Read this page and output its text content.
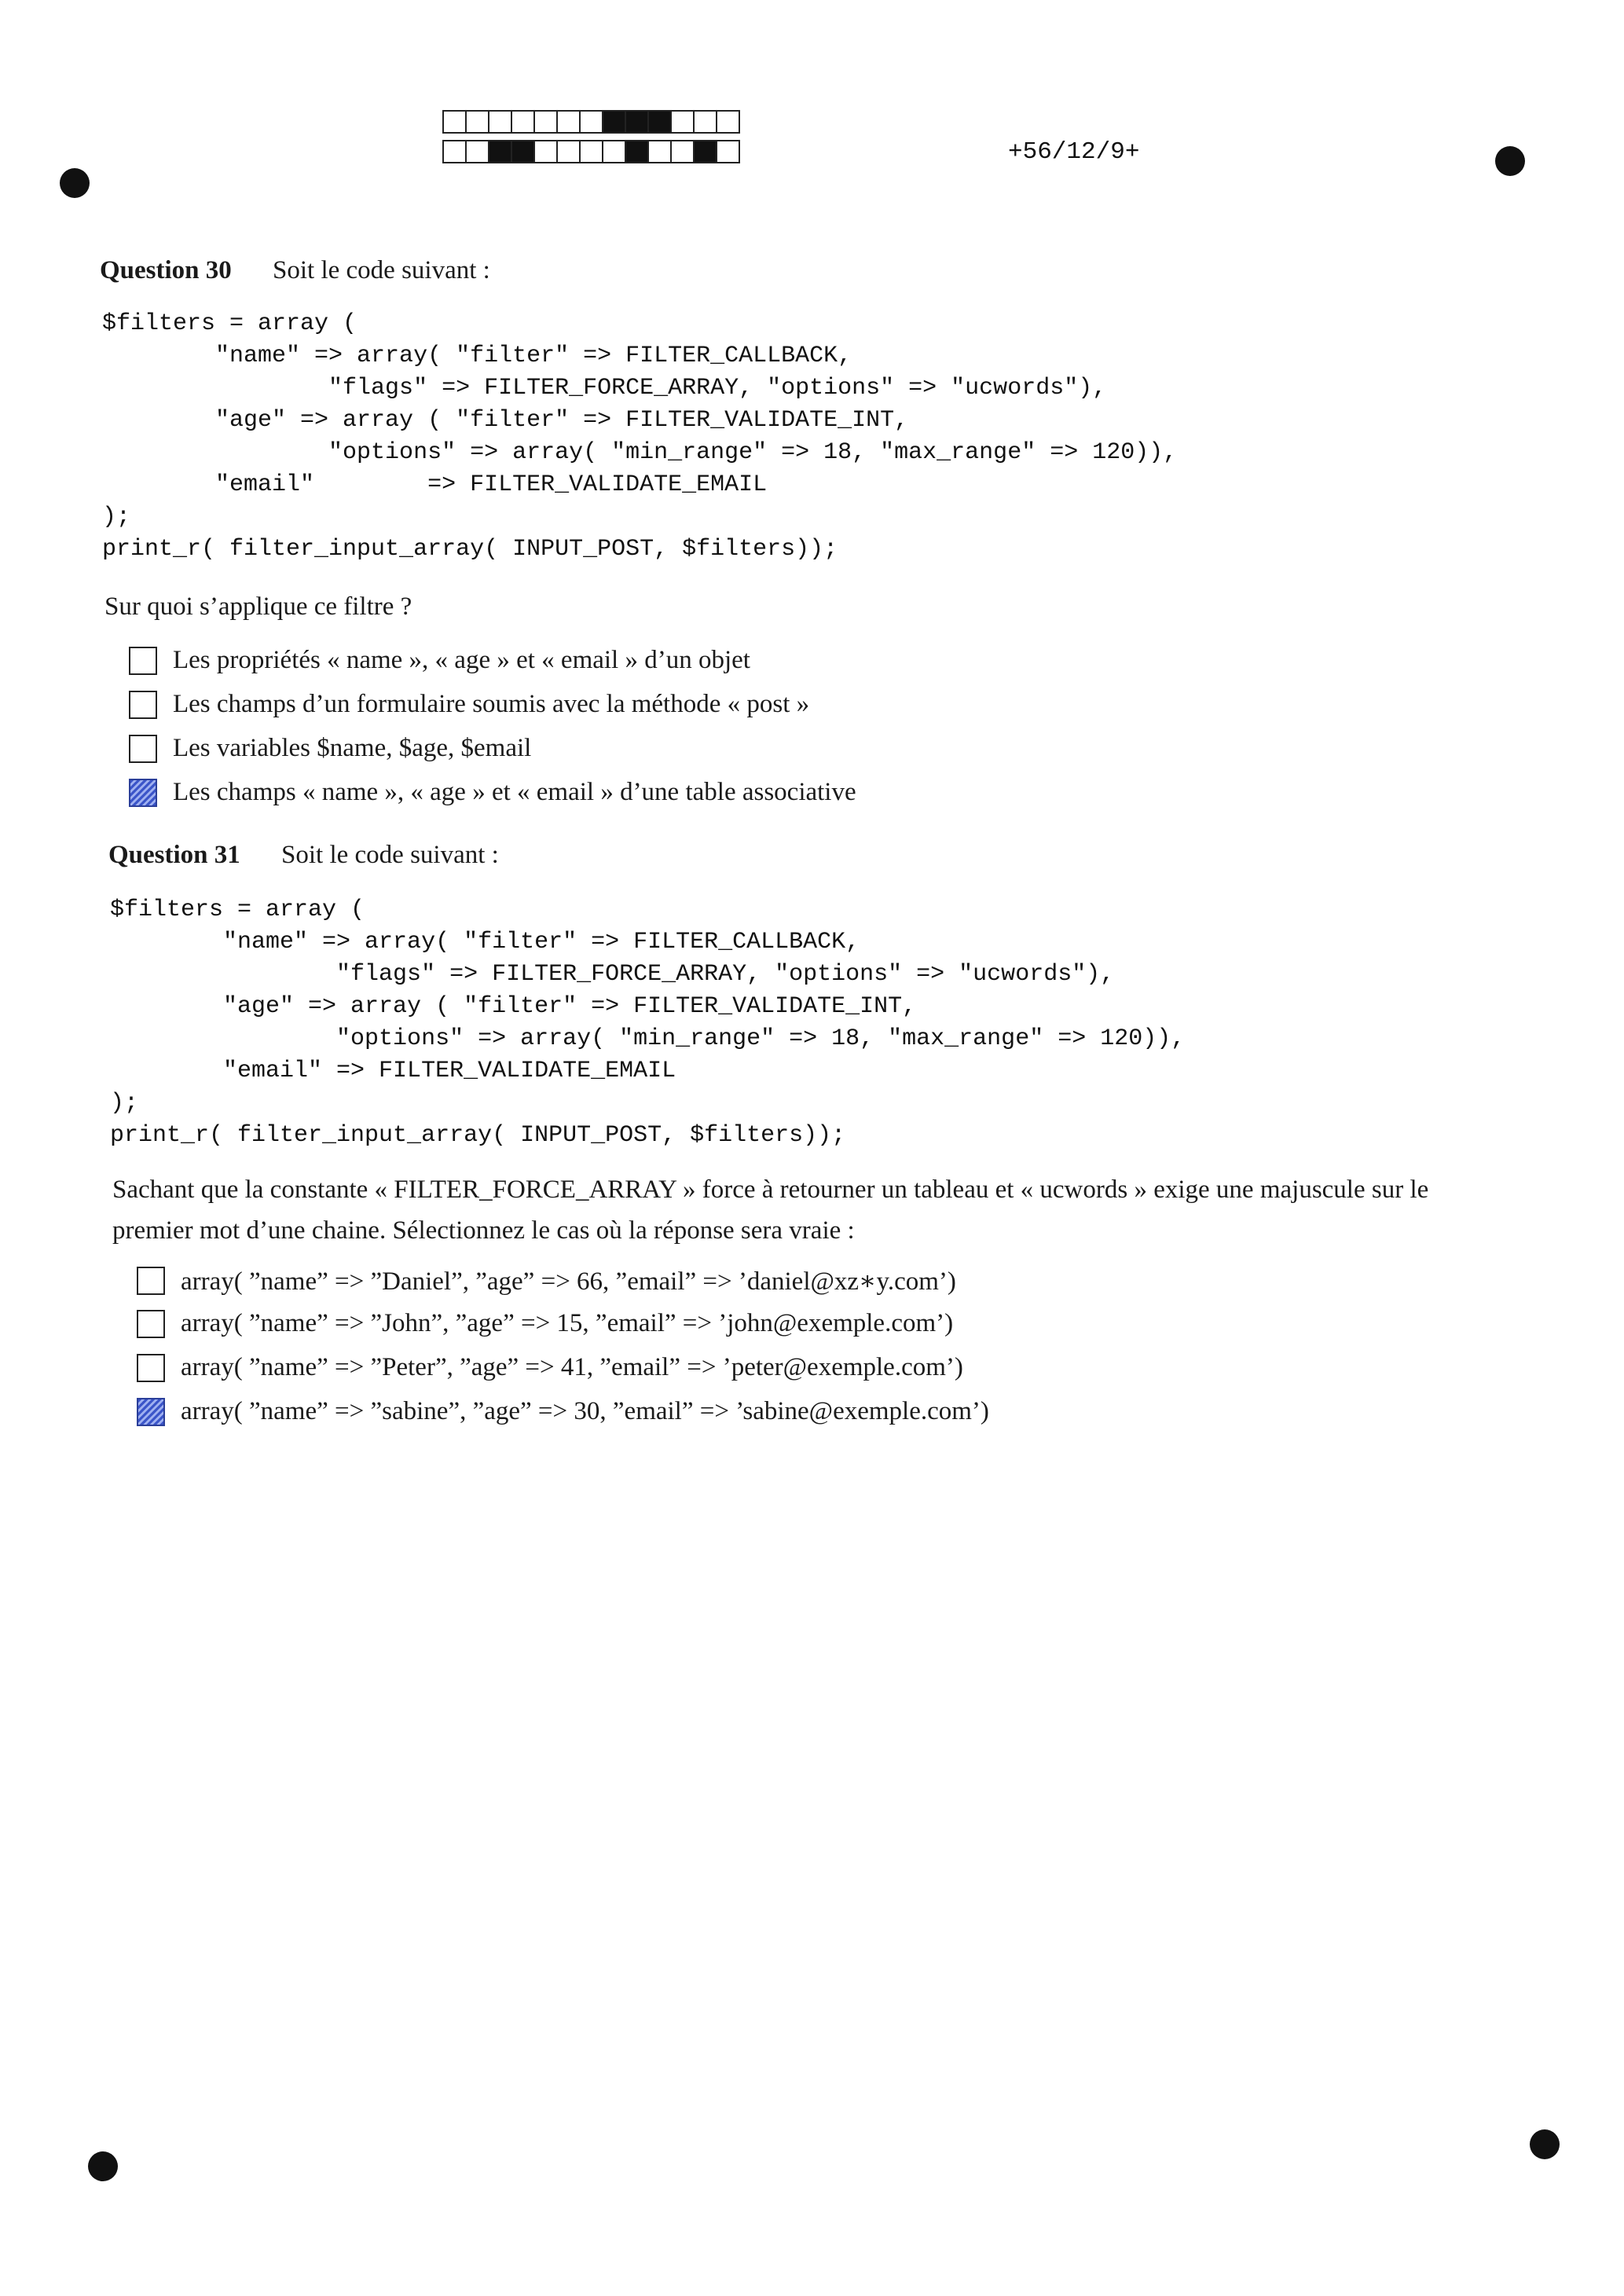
+56/12/9+
Question 30 Soit le code suivant :
$filters = array (
"name" => array( "filter" => FILTER_CALLBACK,
"flags" => FILTER_FORCE_ARRAY, "options" => "ucwords"),
"age" => array ( "filter" => FILTER_VALIDATE_INT,
"options" => array( "min_range" => 18, "max_range" => 120)),
"email"        => FILTER_VALIDATE_EMAIL
);
print_r( filter_input_array( INPUT_POST, $filters));
Sur quoi s’applique ce filtre ?
Les propriétés « name », « age » et « email » d’un objet
Les champs d’un formulaire soumis avec la méthode « post »
Les variables $name, $age, $email
Les champs « name », « age » et « email » d’une table associative
Question 31 Soit le code suivant :
$filters = array (
"name" => array( "filter" => FILTER_CALLBACK,
"flags" => FILTER_FORCE_ARRAY, "options" => "ucwords"),
"age" => array ( "filter" => FILTER_VALIDATE_INT,
"options" => array( "min_range" => 18, "max_range" => 120)),
"email" => FILTER_VALIDATE_EMAIL
);
print_r( filter_input_array( INPUT_POST, $filters));
Sachant que la constante « FILTER_FORCE_ARRAY » force à retourner un tableau et « ucwords » exige une majuscule sur le
premier mot d’une chaine. Sélectionnez le cas où la réponse sera vraie :
array( ”name” => ”Daniel”, ”age” => 66, ”email” => ’daniel@xz∗y.com’)
array( ”name” => ”John”, ”age” => 15, ”email” => ’john@exemple.com’)
array( ”name” => ”Peter”, ”age” => 41, ”email” => ’peter@exemple.com’)
array( ”name” => ”sabine”, ”age” => 30, ”email” => ’sabine@exemple.com’)
